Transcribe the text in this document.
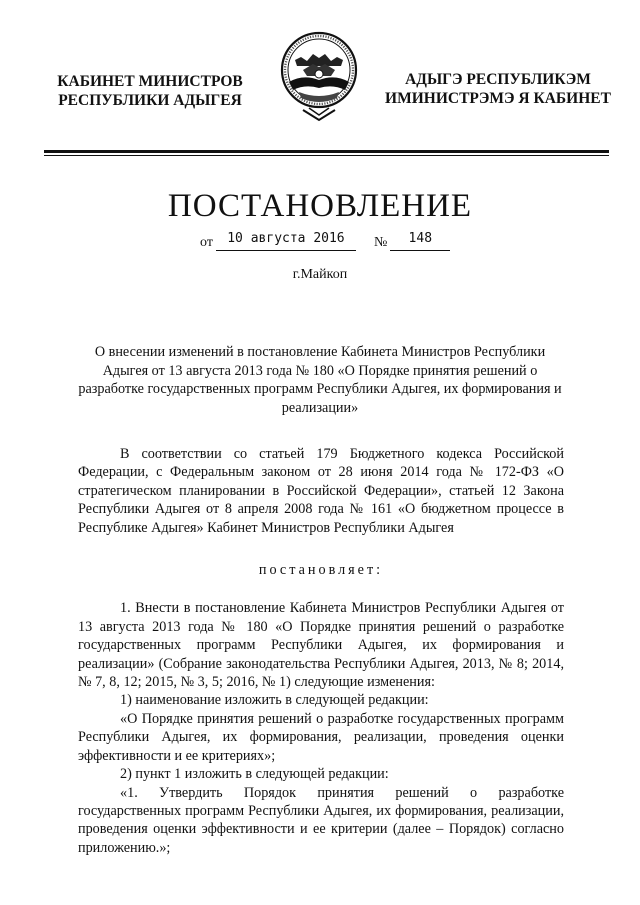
КАБИНЕТ МИНИСТРОВ
РЕСПУБЛИКИ АДЫГЕЯ
АДЫГЭ РЕСПУБЛИКЭМ
ИМИНИСТРЭМЭ Я КАБИНЕТ
ПОСТАНОВЛЕНИЕ
от 10 августа 2016 № 148
г.Майкоп
О внесении изменений в постановление Кабинета Министров Республики Адыгея от 13 августа 2013 года № 180 «О Порядке принятия решений о разработке государственных программ Республики Адыгея, их формирования и реализации»

В соответствии со статьей 179 Бюджетного кодекса Российской Федерации, с Федеральным законом от 28 июня 2014 года № 172-ФЗ «О стратегическом планировании в Российской Федерации», статьей 12 Закона Республики Адыгея от 8 апреля 2008 года № 161 «О бюджетном процессе в Республике Адыгея» Кабинет Министров Республики Адыгея

постановляет:

1. Внести в постановление Кабинета Министров Республики Адыгея от 13 августа 2013 года № 180 «О Порядке принятия решений о разработке государственных программ Республики Адыгея, их формирования и реализации» (Собрание законодательства Республики Адыгея, 2013, № 8; 2014, № 7, 8, 12; 2015, № 3, 5; 2016, № 1) следующие изменения:

1) наименование изложить в следующей редакции:

«О Порядке принятия решений о разработке государственных программ Республики Адыгея, их формирования, реализации, проведения оценки эффективности и ее критериях»;

2) пункт 1 изложить в следующей редакции:

«1. Утвердить Порядок принятия решений о разработке государственных программ Республики Адыгея, их формирования, реализации, проведения оценки эффективности и ее критерии (далее – Порядок) согласно приложению.»;
